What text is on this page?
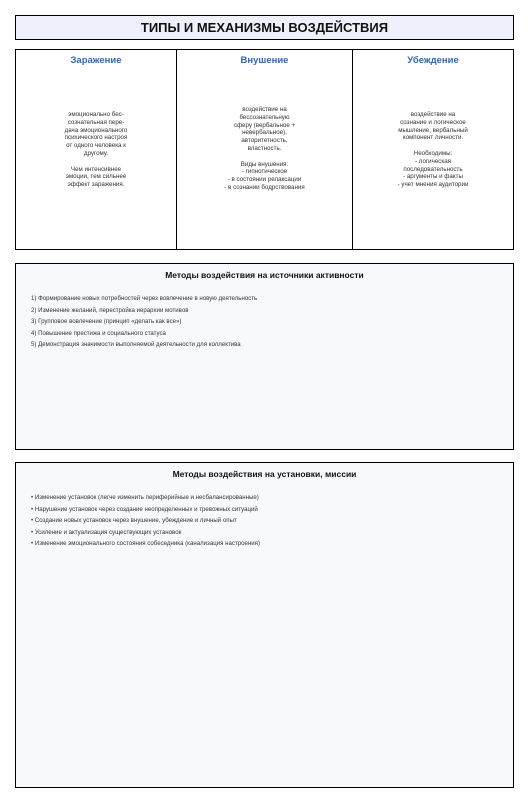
ТИПЫ И МЕХАНИЗМЫ ВОЗДЕЙСТВИЯ
Заражение
эмоционально бес-
сознательная пере-
дача эмоционального
психического настроя
от одного человека к
другому.
Чем интенсивнее
эмоции, тем сильнее
эффект заражения.
Внушение
воздействие на
бессознательную
сферу (вербальное +
невербальное),
авторитетность,
властность.
Виды внушения:
- гипнотическое
- в состоянии релаксации
- в сознании бодрствования
Убеждение
воздействие на
сознание и логическое
мышление, вербальный
компонент личности.
Необходимы:
- логическая
последовательность
- аргументы и факты
- учет мнения аудитории
Методы воздействия на источники активности
1) Формирование новых потребностей через вовлечение в новую деятельность
2) Изменение желаний, перестройка иерархии мотивов
3) Групповое вовлечение (принцип «делать как все»)
4) Повышение престижа и социального статуса
5) Демонстрация значимости выполняемой деятельности для коллектива
Методы воздействия на установки, миссии
• Изменение установок (легче изменить периферийные и несбалансированные)
• Нарушение установок через создание неопределенных и тревожных ситуаций
• Создание новых установок через внушение, убеждение и личный опыт
• Усиление и актуализация существующих установок
• Изменение эмоционального состояния собеседника (канализация настроения)
